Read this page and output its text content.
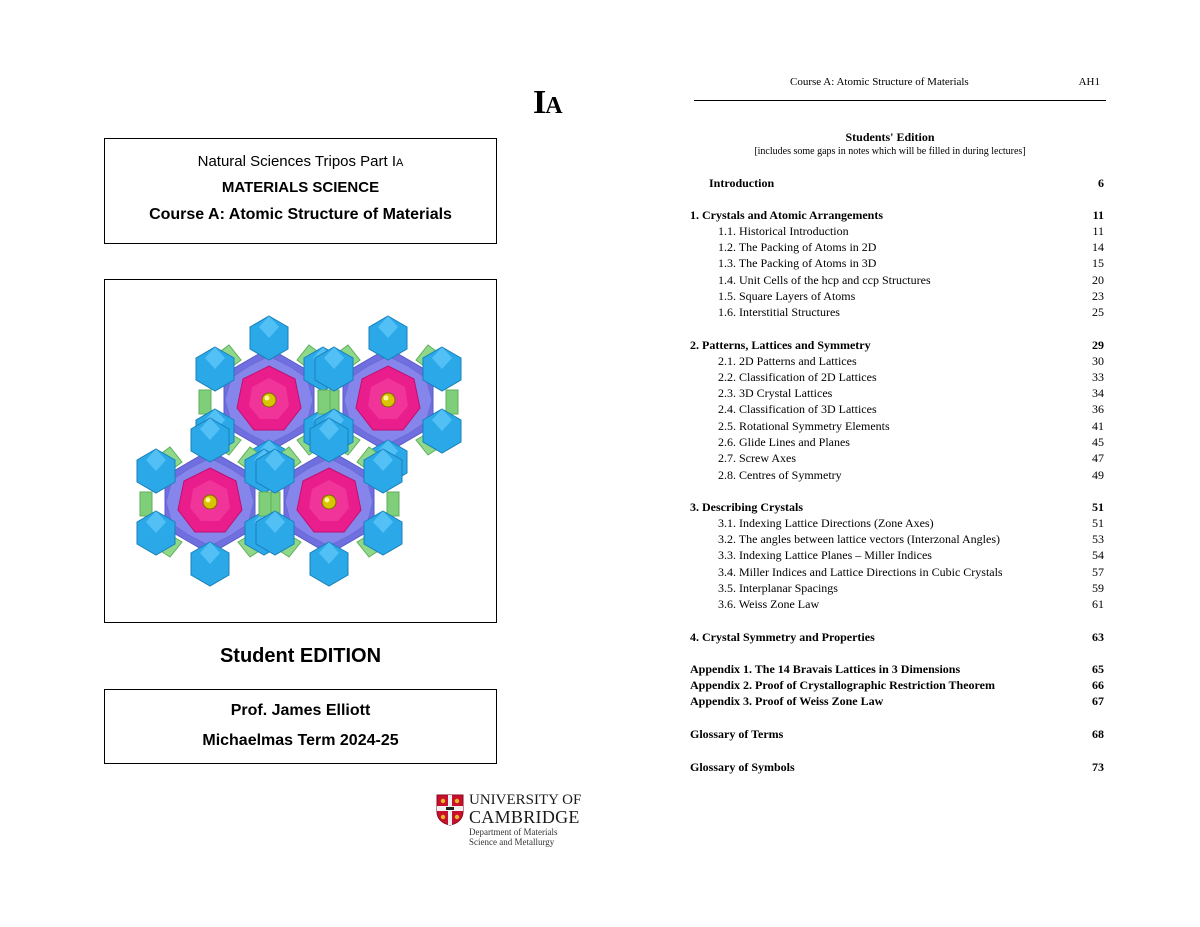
IA
Natural Sciences Tripos Part IA
MATERIALS SCIENCE
Course A: Atomic Structure of Materials
Student EDITION
Prof. James Elliott
Michaelmas Term 2024-25
UNIVERSITY OF
CAMBRIDGE
Department of Materials
Science and Metallurgy
Course A: Atomic Structure of Materials	AH1
Students' Edition
[includes some gaps in notes which will be filled in during lectures]
Introduction	6
1. Crystals and Atomic Arrangements	11
1.1. Historical Introduction	11
1.2. The Packing of Atoms in 2D	14
1.3. The Packing of Atoms in 3D	15
1.4. Unit Cells of the hcp and ccp Structures	20
1.5. Square Layers of Atoms	23
1.6. Interstitial Structures	25
2. Patterns, Lattices and Symmetry	29
2.1. 2D Patterns and Lattices	30
2.2. Classification of 2D Lattices	33
2.3. 3D Crystal Lattices	34
2.4. Classification of 3D Lattices	36
2.5. Rotational Symmetry Elements	41
2.6. Glide Lines and Planes	45
2.7. Screw Axes	47
2.8. Centres of Symmetry	49
3. Describing Crystals	51
3.1. Indexing Lattice Directions (Zone Axes)	51
3.2. The angles between lattice vectors (Interzonal Angles)	53
3.3. Indexing Lattice Planes – Miller Indices	54
3.4. Miller Indices and Lattice Directions in Cubic Crystals	57
3.5. Interplanar Spacings	59
3.6. Weiss Zone Law	61
4. Crystal Symmetry and Properties	63
Appendix 1. The 14 Bravais Lattices in 3 Dimensions	65
Appendix 2. Proof of Crystallographic Restriction Theorem	66
Appendix 3. Proof of Weiss Zone Law	67
Glossary of Terms	68
Glossary of Symbols	73
